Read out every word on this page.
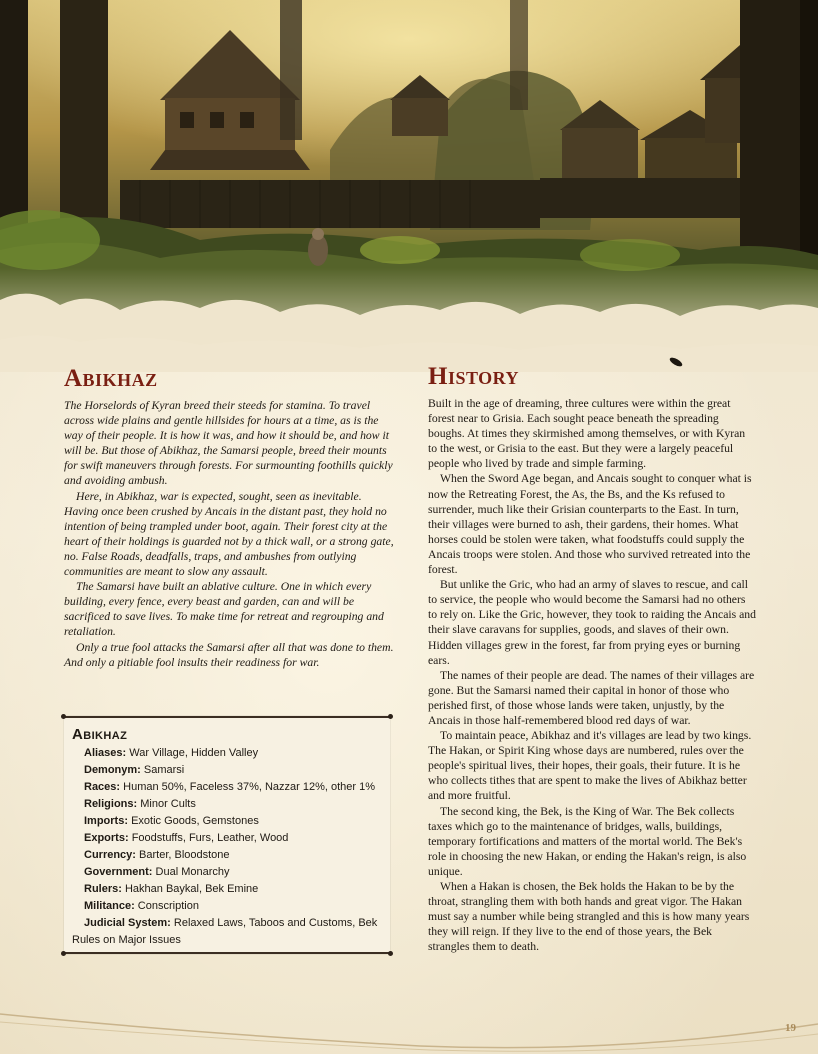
Abikhaz

The Horselords of Kyran breed their steeds for stamina. To travel across wide plains and gentle hillsides for hours at a time, as is the way of their people. It is how it was, and how it should be, and how it will be. But those of Abikhaz, the Samarsi people, breed their mounts for swift maneuvers through forests. For surmounting foothills quickly and avoiding ambush.

Here, in Abikhaz, war is expected, sought, seen as inevitable. Having once been crushed by Ancais in the distant past, they hold no intention of being trampled under boot, again. Their forest city at the heart of their holdings is guarded not by a thick wall, or a strong gate, no. False Roads, deadfalls, traps, and ambushes from outlying communities are meant to slow any assault.

The Samarsi have built an ablative culture. One in which every building, every fence, every beast and garden, can and will be sacrificed to save lives. To make time for retreat and regrouping and retaliation.

Only a true fool attacks the Samarsi after all that was done to them. And only a pitiable fool insults their readiness for war.

Abikhaz
Aliases: War Village, Hidden Valley
Demonym: Samarsi
Races: Human 50%, Faceless 37%, Nazzar 12%, other 1%
Religions: Minor Cults
Imports: Exotic Goods, Gemstones
Exports: Foodstuffs, Furs, Leather, Wood
Currency: Barter, Bloodstone
Government: Dual Monarchy
Rulers: Hakhan Baykal, Bek Emine
Militance: Conscription
Judicial System: Relaxed Laws, Taboos and Customs, Bek Rules on Major Issues
History

Built in the age of dreaming, three cultures were within the great forest near to Grisia. Each sought peace beneath the spreading boughs. At times they skirmished among themselves, or with Kyran to the west, or Grisia to the east. But they were a largely peaceful people who lived by trade and simple farming.

When the Sword Age began, and Ancais sought to conquer what is now the Retreating Forest, the As, the Bs, and the Ks refused to surrender, much like their Grisian counterparts to the East. In turn, their villages were burned to ash, their gardens, their homes. What horses could be stolen were taken, what foodstuffs could supply the Ancais troops were stolen. And those who survived retreated into the forest.

But unlike the Gric, who had an army of slaves to rescue, and call to service, the people who would become the Samarsi had no others to rely on. Like the Gric, however, they took to raiding the Ancais and their slave caravans for supplies, goods, and slaves of their own. Hidden villages grew in the forest, far from prying eyes or burning ears.

The names of their people are dead. The names of their villages are gone. But the Samarsi named their capital in honor of those who perished first, of those whose lands were taken, unjustly, by the Ancais in those half-remembered blood red days of war.

To maintain peace, Abikhaz and it's villages are lead by two kings. The Hakan, or Spirit King whose days are numbered, rules over the people's spiritual lives, their hopes, their goals, their future. It is he who collects tithes that are spent to make the lives of Abikhaz better and more fruitful.

The second king, the Bek, is the King of War. The Bek collects taxes which go to the maintenance of bridges, walls, buildings, temporary fortifications and matters of the mortal world. The Bek's role in choosing the new Hakan, or ending the Hakan's reign, is also unique.

When a Hakan is chosen, the Bek holds the Hakan to be by the throat, strangling them with both hands and great vigor. The Hakan must say a number while being strangled and this is how many years they will reign. If they live to the end of those years, the Bek strangles them to death.

19
